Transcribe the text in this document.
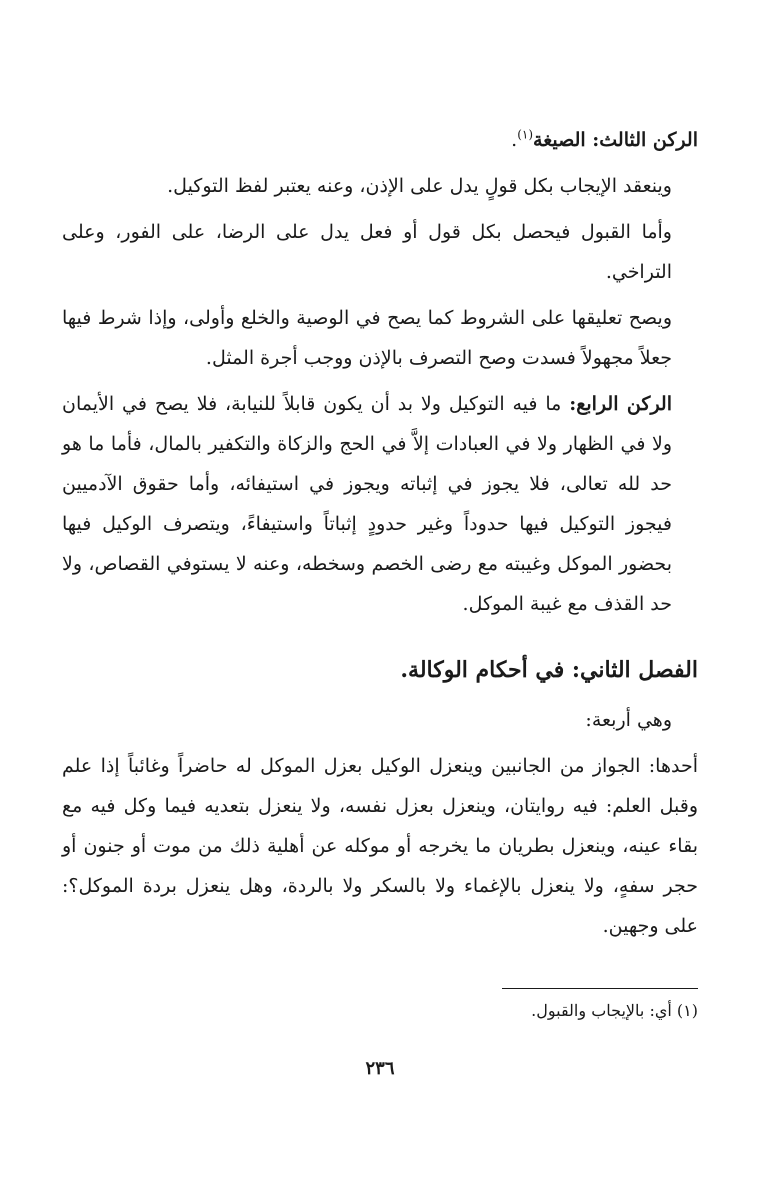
الركن الثالث: الصيغة$^{(١)}$.

وينعقد الإيجاب بكل قولٍ يدل على الإذن، وعنه يعتبر لفظ التوكيل.

وأما القبول فيحصل بكل قول أو فعل يدل على الرضا، على الفور، وعلى التراخي.

ويصح تعليقها على الشروط كما يصح في الوصية والخلع وأولى، وإذا شرط فيها جعلاً مجهولاً فسدت وصح التصرف بالإذن ووجب أجرة المثل.

الركن الرابع: ما فيه التوكيل ولا بد أن يكون قابلاً للنيابة، فلا يصح في الأيمان ولا في الظهار ولا في العبادات إلاَّ في الحج والزكاة والتكفير بالمال، فأما ما هو حد لله تعالى، فلا يجوز في إثباته ويجوز في استيفائه، وأما حقوق الآدميين فيجوز التوكيل فيها حدوداً وغير حدودٍ إثباتاً واستيفاءً، ويتصرف الوكيل فيها بحضور الموكل وغيبته مع رضى الخصم وسخطه، وعنه لا يستوفي القصاص، ولا حد القذف مع غيبة الموكل.

الفصل الثاني: في أحكام الوكالة.

وهي أربعة:

أحدها: الجواز من الجانبين وينعزل الوكيل بعزل الموكل له حاضراً وغائباً إذا علم وقبل العلم: فيه روايتان، وينعزل بعزل نفسه، ولا ينعزل بتعديه فيما وكل فيه مع بقاء عينه، وينعزل بطريان ما يخرجه أو موكله عن أهلية ذلك من موت أو جنون أو حجر سفهٍ، ولا ينعزل بالإغماء ولا بالسكر ولا بالردة، وهل ينعزل بردة الموكل؟: على وجهين.

(١) أي: بالإيجاب والقبول.
٢٣٦
